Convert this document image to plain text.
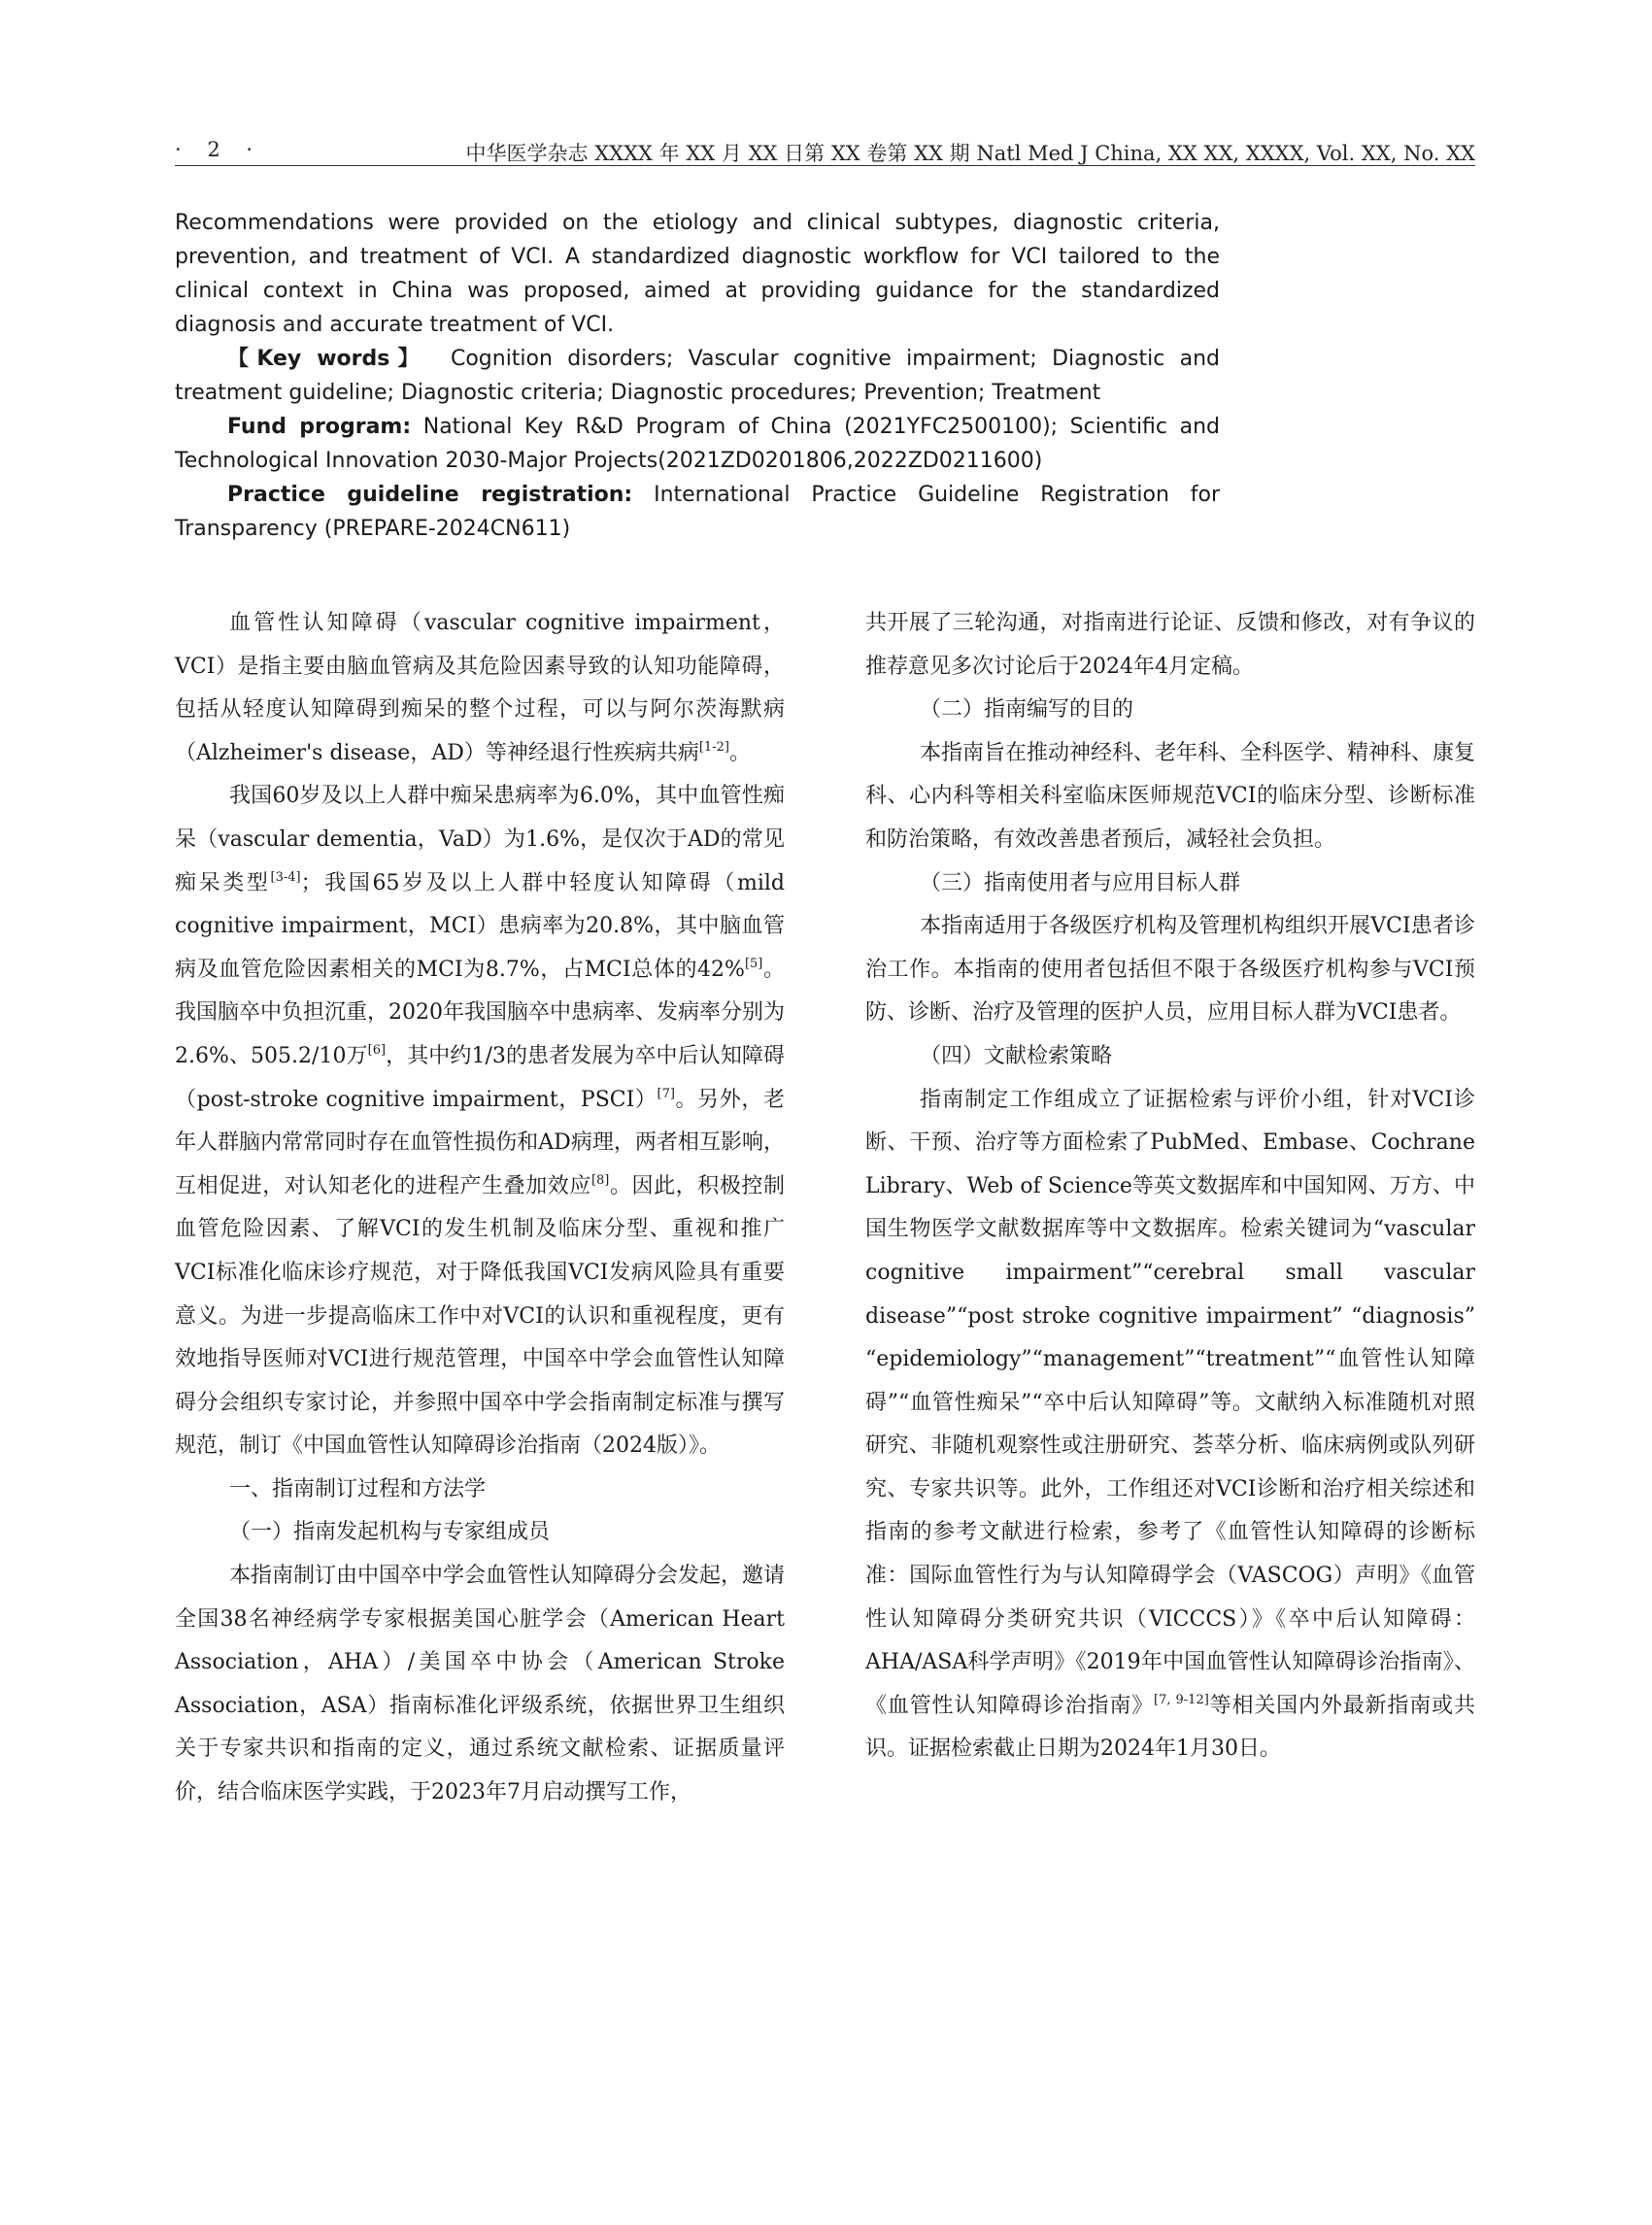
· 2 ·	中华医学杂志 XXXX 年 XX 月 XX 日第 XX 卷第 XX 期 Natl Med J China, XX XX, XXXX, Vol. XX, No. XX

Recommendations were provided on the etiology and clinical subtypes, diagnostic criteria, prevention, and treatment of VCI. A standardized diagnostic workflow for VCI tailored to the clinical context in China was proposed, aimed at providing guidance for the standardized diagnosis and accurate treatment of VCI.

【Key words】 Cognition disorders; Vascular cognitive impairment; Diagnostic and treatment guideline; Diagnostic criteria; Diagnostic procedures; Prevention; Treatment

Fund program: National Key R&D Program of China (2021YFC2500100); Scientific and Technological Innovation 2030-Major Projects(2021ZD0201806,2022ZD0211600)

Practice guideline registration: International Practice Guideline Registration for Transparency (PREPARE-2024CN611)

血管性认知障碍（vascular cognitive impairment，VCI）是指主要由脑血管病及其危险因素导致的认知功能障碍，包括从轻度认知障碍到痴呆的整个过程，可以与阿尔茨海默病（Alzheimer's disease，AD）等神经退行性疾病共病[1-2]。

我国60岁及以上人群中痴呆患病率为6.0%，其中血管性痴呆（vascular dementia，VaD）为1.6%，是仅次于AD的常见痴呆类型[3-4]；我国65岁及以上人群中轻度认知障碍（mild cognitive impairment，MCI）患病率为20.8%，其中脑血管病及血管危险因素相关的MCI为8.7%，占MCI总体的42%[5]。我国脑卒中负担沉重，2020年我国脑卒中患病率、发病率分别为2.6%、505.2/10万[6]，其中约1/3的患者发展为卒中后认知障碍（post-stroke cognitive impairment，PSCI）[7]。另外，老年人群脑内常常同时存在血管性损伤和AD病理，两者相互影响，互相促进，对认知老化的进程产生叠加效应[8]。因此，积极控制血管危险因素、了解VCI的发生机制及临床分型、重视和推广VCI标准化临床诊疗规范，对于降低我国VCI发病风险具有重要意义。为进一步提高临床工作中对VCI的认识和重视程度，更有效地指导医师对VCI进行规范管理，中国卒中学会血管性认知障碍分会组织专家讨论，并参照中国卒中学会指南制定标准与撰写规范，制订《中国血管性认知障碍诊治指南（2024版）》。

一、指南制订过程和方法学
（一）指南发起机构与专家组成员

本指南制订由中国卒中学会血管性认知障碍分会发起，邀请全国38名神经病学专家根据美国心脏学会（American Heart Association，AHA）/美国卒中协会（American Stroke Association，ASA）指南标准化评级系统，依据世界卫生组织关于专家共识和指南的定义，通过系统文献检索、证据质量评价，结合临床医学实践，于2023年7月启动撰写工作，

共开展了三轮沟通，对指南进行论证、反馈和修改，对有争议的推荐意见多次讨论后于2024年4月定稿。

（二）指南编写的目的

本指南旨在推动神经科、老年科、全科医学、精神科、康复科、心内科等相关科室临床医师规范VCI的临床分型、诊断标准和防治策略，有效改善患者预后，减轻社会负担。

（三）指南使用者与应用目标人群

本指南适用于各级医疗机构及管理机构组织开展VCI患者诊治工作。本指南的使用者包括但不限于各级医疗机构参与VCI预防、诊断、治疗及管理的医护人员，应用目标人群为VCI患者。

（四）文献检索策略

指南制定工作组成立了证据检索与评价小组，针对VCI诊断、干预、治疗等方面检索了PubMed、Embase、Cochrane Library、Web of Science等英文数据库和中国知网、万方、中国生物医学文献数据库等中文数据库。检索关键词为“vascular cognitive impairment”“cerebral small vascular disease”“post stroke cognitive impairment” “diagnosis” “epidemiology”“management”“treatment”“血管性认知障碍”“血管性痴呆”“卒中后认知障碍”等。文献纳入标准随机对照研究、非随机观察性或注册研究、荟萃分析、临床病例或队列研究、专家共识等。此外，工作组还对VCI诊断和治疗相关综述和指南的参考文献进行检索，参考了《血管性认知障碍的诊断标准：国际血管性行为与认知障碍学会（VASCOG）声明》《血管性认知障碍分类研究共识（VICCCS）》《卒中后认知障碍：AHA/ASA科学声明》《2019年中国血管性认知障碍诊治指南》、《血管性认知障碍诊治指南》[7, 9-12]等相关国内外最新指南或共识。证据检索截止日期为2024年1月30日。
